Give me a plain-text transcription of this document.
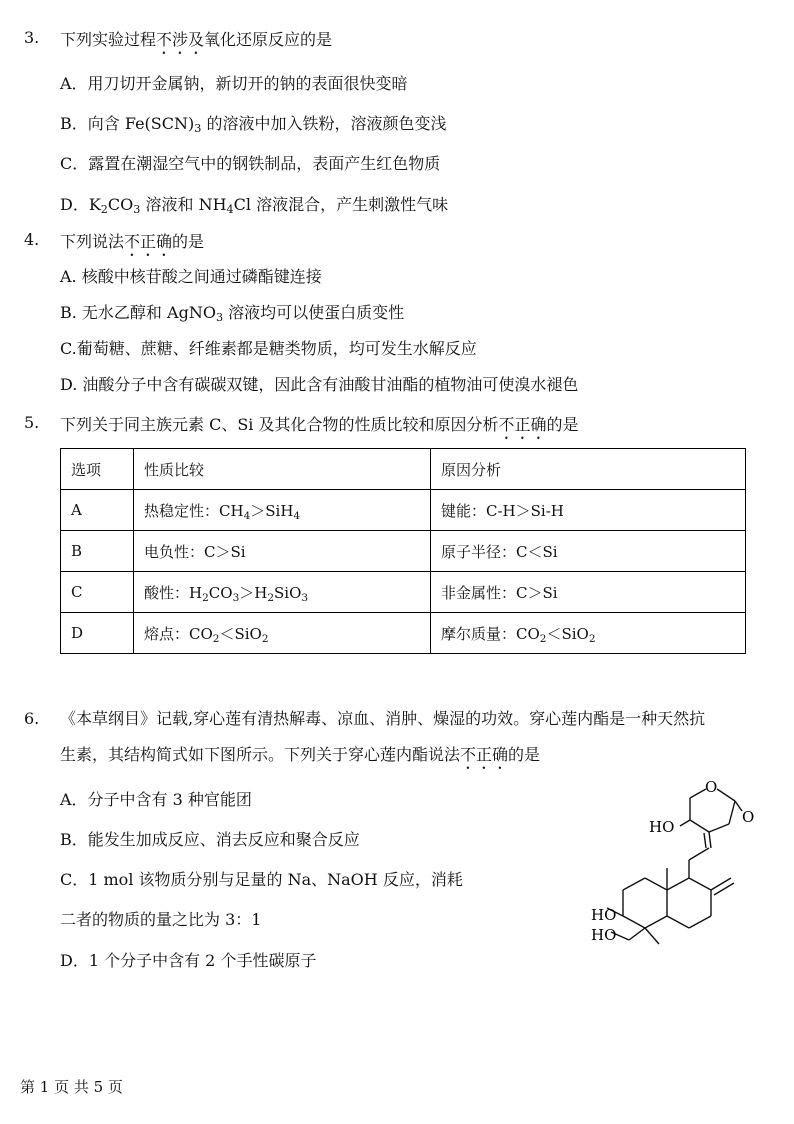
3. 下列实验过程不涉及氧化还原反应的是
A．用刀切开金属钠，新切开的钠的表面很快变暗
B．向含 $Fe(SCN)_3$ 的溶液中加入铁粉，溶液颜色变浅
C．露置在潮湿空气中的钢铁制品，表面产生红色物质
D．$K_2CO_3$ 溶液和 $NH_4Cl$ 溶液混合，产生刺激性气味
4. 下列说法不正确的是
A. 核酸中核苷酸之间通过磷酯键连接
B. 无水乙醇和 AgNO$_3$ 溶液均可以使蛋白质变性
C.葡萄糖、蔗糖、纤维素都是糖类物质，均可发生水解反应
D. 油酸分子中含有碳碳双键，因此含有油酸甘油酯的植物油可使溴水褪色
5. 下列关于同主族元素 C、Si 及其化合物的性质比较和原因分析不正确的是
选项	性质比较	原因分析
A	热稳定性：$CH_4>SiH_4$	键能：C-H＞Si-H
B	电负性：C＞Si	原子半径：C＜Si
C	酸性：$H_2CO_3>H_2SiO_3$	非金属性：C＞Si
D	熔点：$CO_2<SiO_2$	摩尔质量：$CO_2<SiO_2$
6. 《本草纲目》记载,穿心莲有清热解毒、凉血、消肿、燥湿的功效。穿心莲内酯是一种天然抗
生素，其结构简式如下图所示。下列关于穿心莲内酯说法不正确的是
A．分子中含有 3 种官能团
B．能发生加成反应、消去反应和聚合反应
C．1 mol 该物质分别与足量的 Na、NaOH 反应，消耗
二者的物质的量之比为 3：1
D．1 个分子中含有 2 个手性碳原子
O
O
HO
HO
HO
第 1 页 共 5 页
